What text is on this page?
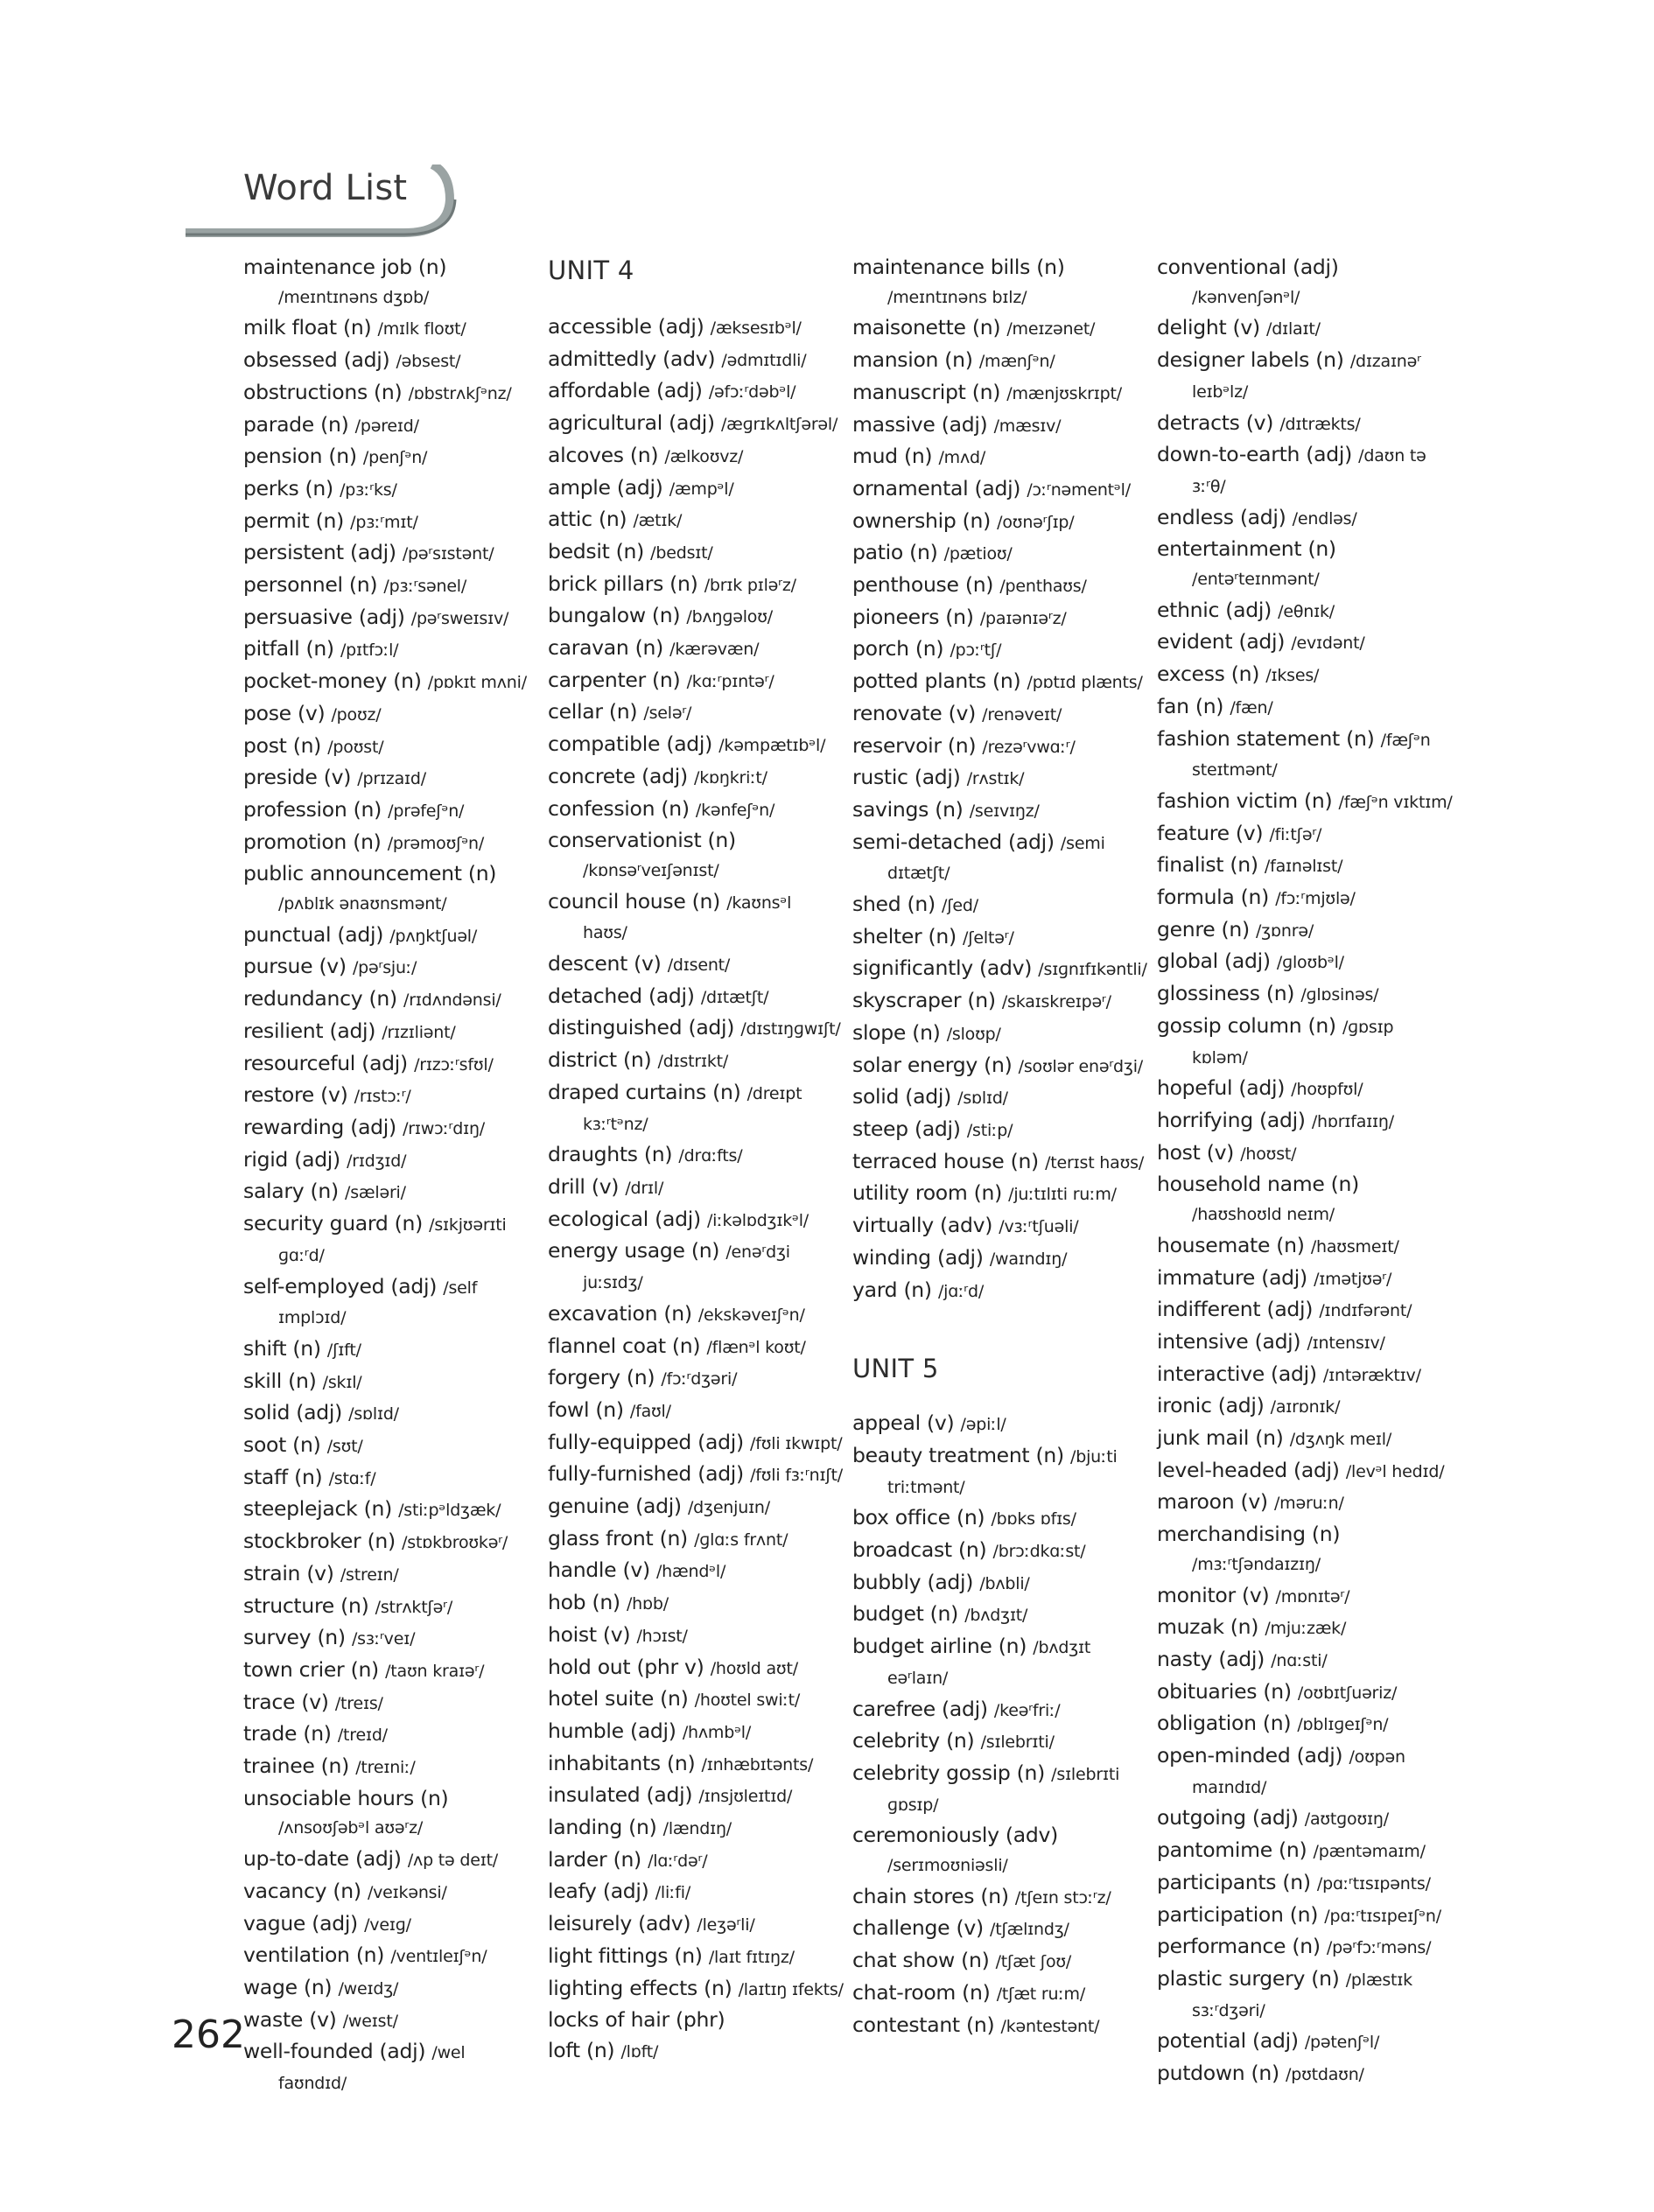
Word List
maintenance job (n)
/meɪntɪnəns dʒɒb/
milk float (n) /mɪlk floʊt/
obsessed (adj) /əbsest/
obstructions (n) /ɒbstrʌkʃᵊnz/
parade (n) /pəreɪd/
pension (n) /penʃᵊn/
perks (n) /pɜːʳks/
permit (n) /pɜːʳmɪt/
persistent (adj) /pəʳsɪstənt/
personnel (n) /pɜːʳsənel/
persuasive (adj) /pəʳsweɪsɪv/
pitfall (n) /pɪtfɔːl/
pocket-money (n) /pɒkɪt mʌni/
pose (v) /poʊz/
post (n) /poʊst/
preside (v) /prɪzaɪd/
profession (n) /prəfeʃᵊn/
promotion (n) /prəmoʊʃᵊn/
public announcement (n)
/pʌblɪk ənaʊnsmənt/
punctual (adj) /pʌŋktʃuəl/
pursue (v) /pəʳsjuː/
redundancy (n) /rɪdʌndənsi/
resilient (adj) /rɪzɪliənt/
resourceful (adj) /rɪzɔːʳsfʊl/
restore (v) /rɪstɔːʳ/
rewarding (adj) /rɪwɔːʳdɪŋ/
rigid (adj) /rɪdʒɪd/
salary (n) /sæləri/
security guard (n) /sɪkjʊərɪti
ɡɑːʳd/
self-employed (adj) /self
ɪmplɔɪd/
shift (n) /ʃɪft/
skill (n) /skɪl/
solid (adj) /sɒlɪd/
soot (n) /sʊt/
staff (n) /stɑːf/
steeplejack (n) /stiːpᵊldʒæk/
stockbroker (n) /stɒkbroʊkəʳ/
strain (v) /streɪn/
structure (n) /strʌktʃəʳ/
survey (n) /sɜːʳveɪ/
town crier (n) /taʊn kraɪəʳ/
trace (v) /treɪs/
trade (n) /treɪd/
trainee (n) /treɪniː/
unsociable hours (n)
/ʌnsoʊʃəbᵊl aʊəʳz/
up-to-date (adj) /ʌp tə deɪt/
vacancy (n) /veɪkənsi/
vague (adj) /veɪɡ/
ventilation (n) /ventɪleɪʃᵊn/
wage (n) /weɪdʒ/
waste (v) /weɪst/
well-founded (adj) /wel
faʊndɪd/
UNIT 4
accessible (adj) /æksesɪbᵊl/
admittedly (adv) /ədmɪtɪdli/
affordable (adj) /əfɔːʳdəbᵊl/
agricultural (adj) /æɡrɪkʌltʃərəl/
alcoves (n) /ælkoʊvz/
ample (adj) /æmpᵊl/
attic (n) /ætɪk/
bedsit (n) /bedsɪt/
brick pillars (n) /brɪk pɪləʳz/
bungalow (n) /bʌŋɡəloʊ/
caravan (n) /kærəvæn/
carpenter (n) /kɑːʳpɪntəʳ/
cellar (n) /seləʳ/
compatible (adj) /kəmpætɪbᵊl/
concrete (adj) /kɒŋkriːt/
confession (n) /kənfeʃᵊn/
conservationist (n)
/kɒnsəʳveɪʃənɪst/
council house (n) /kaʊnsᵊl
haʊs/
descent (v) /dɪsent/
detached (adj) /dɪtætʃt/
distinguished (adj) /dɪstɪŋɡwɪʃt/
district (n) /dɪstrɪkt/
draped curtains (n) /dreɪpt
kɜːʳtᵊnz/
draughts (n) /drɑːfts/
drill (v) /drɪl/
ecological (adj) /iːkəlɒdʒɪkᵊl/
energy usage (n) /enəʳdʒi
juːsɪdʒ/
excavation (n) /ekskəveɪʃᵊn/
flannel coat (n) /flænᵊl koʊt/
forgery (n) /fɔːʳdʒəri/
fowl (n) /faʊl/
fully-equipped (adj) /fʊli ɪkwɪpt/
fully-furnished (adj) /fʊli fɜːʳnɪʃt/
genuine (adj) /dʒenjuɪn/
glass front (n) /ɡlɑːs frʌnt/
handle (v) /hændᵊl/
hob (n) /hɒb/
hoist (v) /hɔɪst/
hold out (phr v) /hoʊld aʊt/
hotel suite (n) /hoʊtel swiːt/
humble (adj) /hʌmbᵊl/
inhabitants (n) /ɪnhæbɪtənts/
insulated (adj) /ɪnsjʊleɪtɪd/
landing (n) /lændɪŋ/
larder (n) /lɑːʳdəʳ/
leafy (adj) /liːfi/
leisurely (adv) /leʒəʳli/
light fittings (n) /laɪt fɪtɪŋz/
lighting effects (n) /laɪtɪŋ ɪfekts/
locks of hair (phr)
loft (n) /lɒft/
maintenance bills (n)
/meɪntɪnəns bɪlz/
maisonette (n) /meɪzənet/
mansion (n) /mænʃᵊn/
manuscript (n) /mænjʊskrɪpt/
massive (adj) /mæsɪv/
mud (n) /mʌd/
ornamental (adj) /ɔːʳnəmentᵊl/
ownership (n) /oʊnəʳʃɪp/
patio (n) /pætioʊ/
penthouse (n) /penthaʊs/
pioneers (n) /paɪənɪəʳz/
porch (n) /pɔːʳtʃ/
potted plants (n) /pɒtɪd plænts/
renovate (v) /renəveɪt/
reservoir (n) /rezəʳvwɑːʳ/
rustic (adj) /rʌstɪk/
savings (n) /seɪvɪŋz/
semi-detached (adj) /semi
dɪtætʃt/
shed (n) /ʃed/
shelter (n) /ʃeltəʳ/
significantly (adv) /sɪɡnɪfɪkəntli/
skyscraper (n) /skaɪskreɪpəʳ/
slope (n) /sloʊp/
solar energy (n) /soʊlər enəʳdʒi/
solid (adj) /sɒlɪd/
steep (adj) /stiːp/
terraced house (n) /terɪst haʊs/
utility room (n) /juːtɪlɪti ruːm/
virtually (adv) /vɜːʳtʃuəli/
winding (adj) /waɪndɪŋ/
yard (n) /jɑːʳd/
UNIT 5
appeal (v) /əpiːl/
beauty treatment (n) /bjuːti
triːtmənt/
box office (n) /bɒks ɒfɪs/
broadcast (n) /brɔːdkɑːst/
bubbly (adj) /bʌbli/
budget (n) /bʌdʒɪt/
budget airline (n) /bʌdʒɪt
eəʳlaɪn/
carefree (adj) /keəʳfriː/
celebrity (n) /sɪlebrɪti/
celebrity gossip (n) /sɪlebrɪti
ɡɒsɪp/
ceremoniously (adv)
/serɪmoʊniəsli/
chain stores (n) /tʃeɪn stɔːʳz/
challenge (v) /tʃælɪndʒ/
chat show (n) /tʃæt ʃoʊ/
chat-room (n) /tʃæt ruːm/
contestant (n) /kəntestənt/
conventional (adj)
/kənvenʃənᵊl/
delight (v) /dɪlaɪt/
designer labels (n) /dɪzaɪnəʳ
leɪbᵊlz/
detracts (v) /dɪtrækts/
down-to-earth (adj) /daʊn tə
ɜːʳθ/
endless (adj) /endləs/
entertainment (n)
/entəʳteɪnmənt/
ethnic (adj) /eθnɪk/
evident (adj) /evɪdənt/
excess (n) /ɪkses/
fan (n) /fæn/
fashion statement (n) /fæʃᵊn
steɪtmənt/
fashion victim (n) /fæʃᵊn vɪktɪm/
feature (v) /fiːtʃəʳ/
finalist (n) /faɪnəlɪst/
formula (n) /fɔːʳmjʊlə/
genre (n) /ʒɒnrə/
global (adj) /ɡloʊbᵊl/
glossiness (n) /ɡlɒsinəs/
gossip column (n) /ɡɒsɪp
kɒləm/
hopeful (adj) /hoʊpfʊl/
horrifying (adj) /hɒrɪfaɪɪŋ/
host (v) /hoʊst/
household name (n)
/haʊshoʊld neɪm/
housemate (n) /haʊsmeɪt/
immature (adj) /ɪmətjʊəʳ/
indifferent (adj) /ɪndɪfərənt/
intensive (adj) /ɪntensɪv/
interactive (adj) /ɪntəræktɪv/
ironic (adj) /aɪrɒnɪk/
junk mail (n) /dʒʌŋk meɪl/
level-headed (adj) /levᵊl hedɪd/
maroon (v) /məruːn/
merchandising (n)
/mɜːʳtʃəndaɪzɪŋ/
monitor (v) /mɒnɪtəʳ/
muzak (n) /mjuːzæk/
nasty (adj) /nɑːsti/
obituaries (n) /oʊbɪtʃuəriz/
obligation (n) /ɒblɪɡeɪʃᵊn/
open-minded (adj) /oʊpən
maɪndɪd/
outgoing (adj) /aʊtɡoʊɪŋ/
pantomime (n) /pæntəmaɪm/
participants (n) /pɑːʳtɪsɪpənts/
participation (n) /pɑːʳtɪsɪpeɪʃᵊn/
performance (n) /pəʳfɔːʳməns/
plastic surgery (n) /plæstɪk
sɜːʳdʒəri/
potential (adj) /pətenʃᵊl/
putdown (n) /pʊtdaʊn/
262
